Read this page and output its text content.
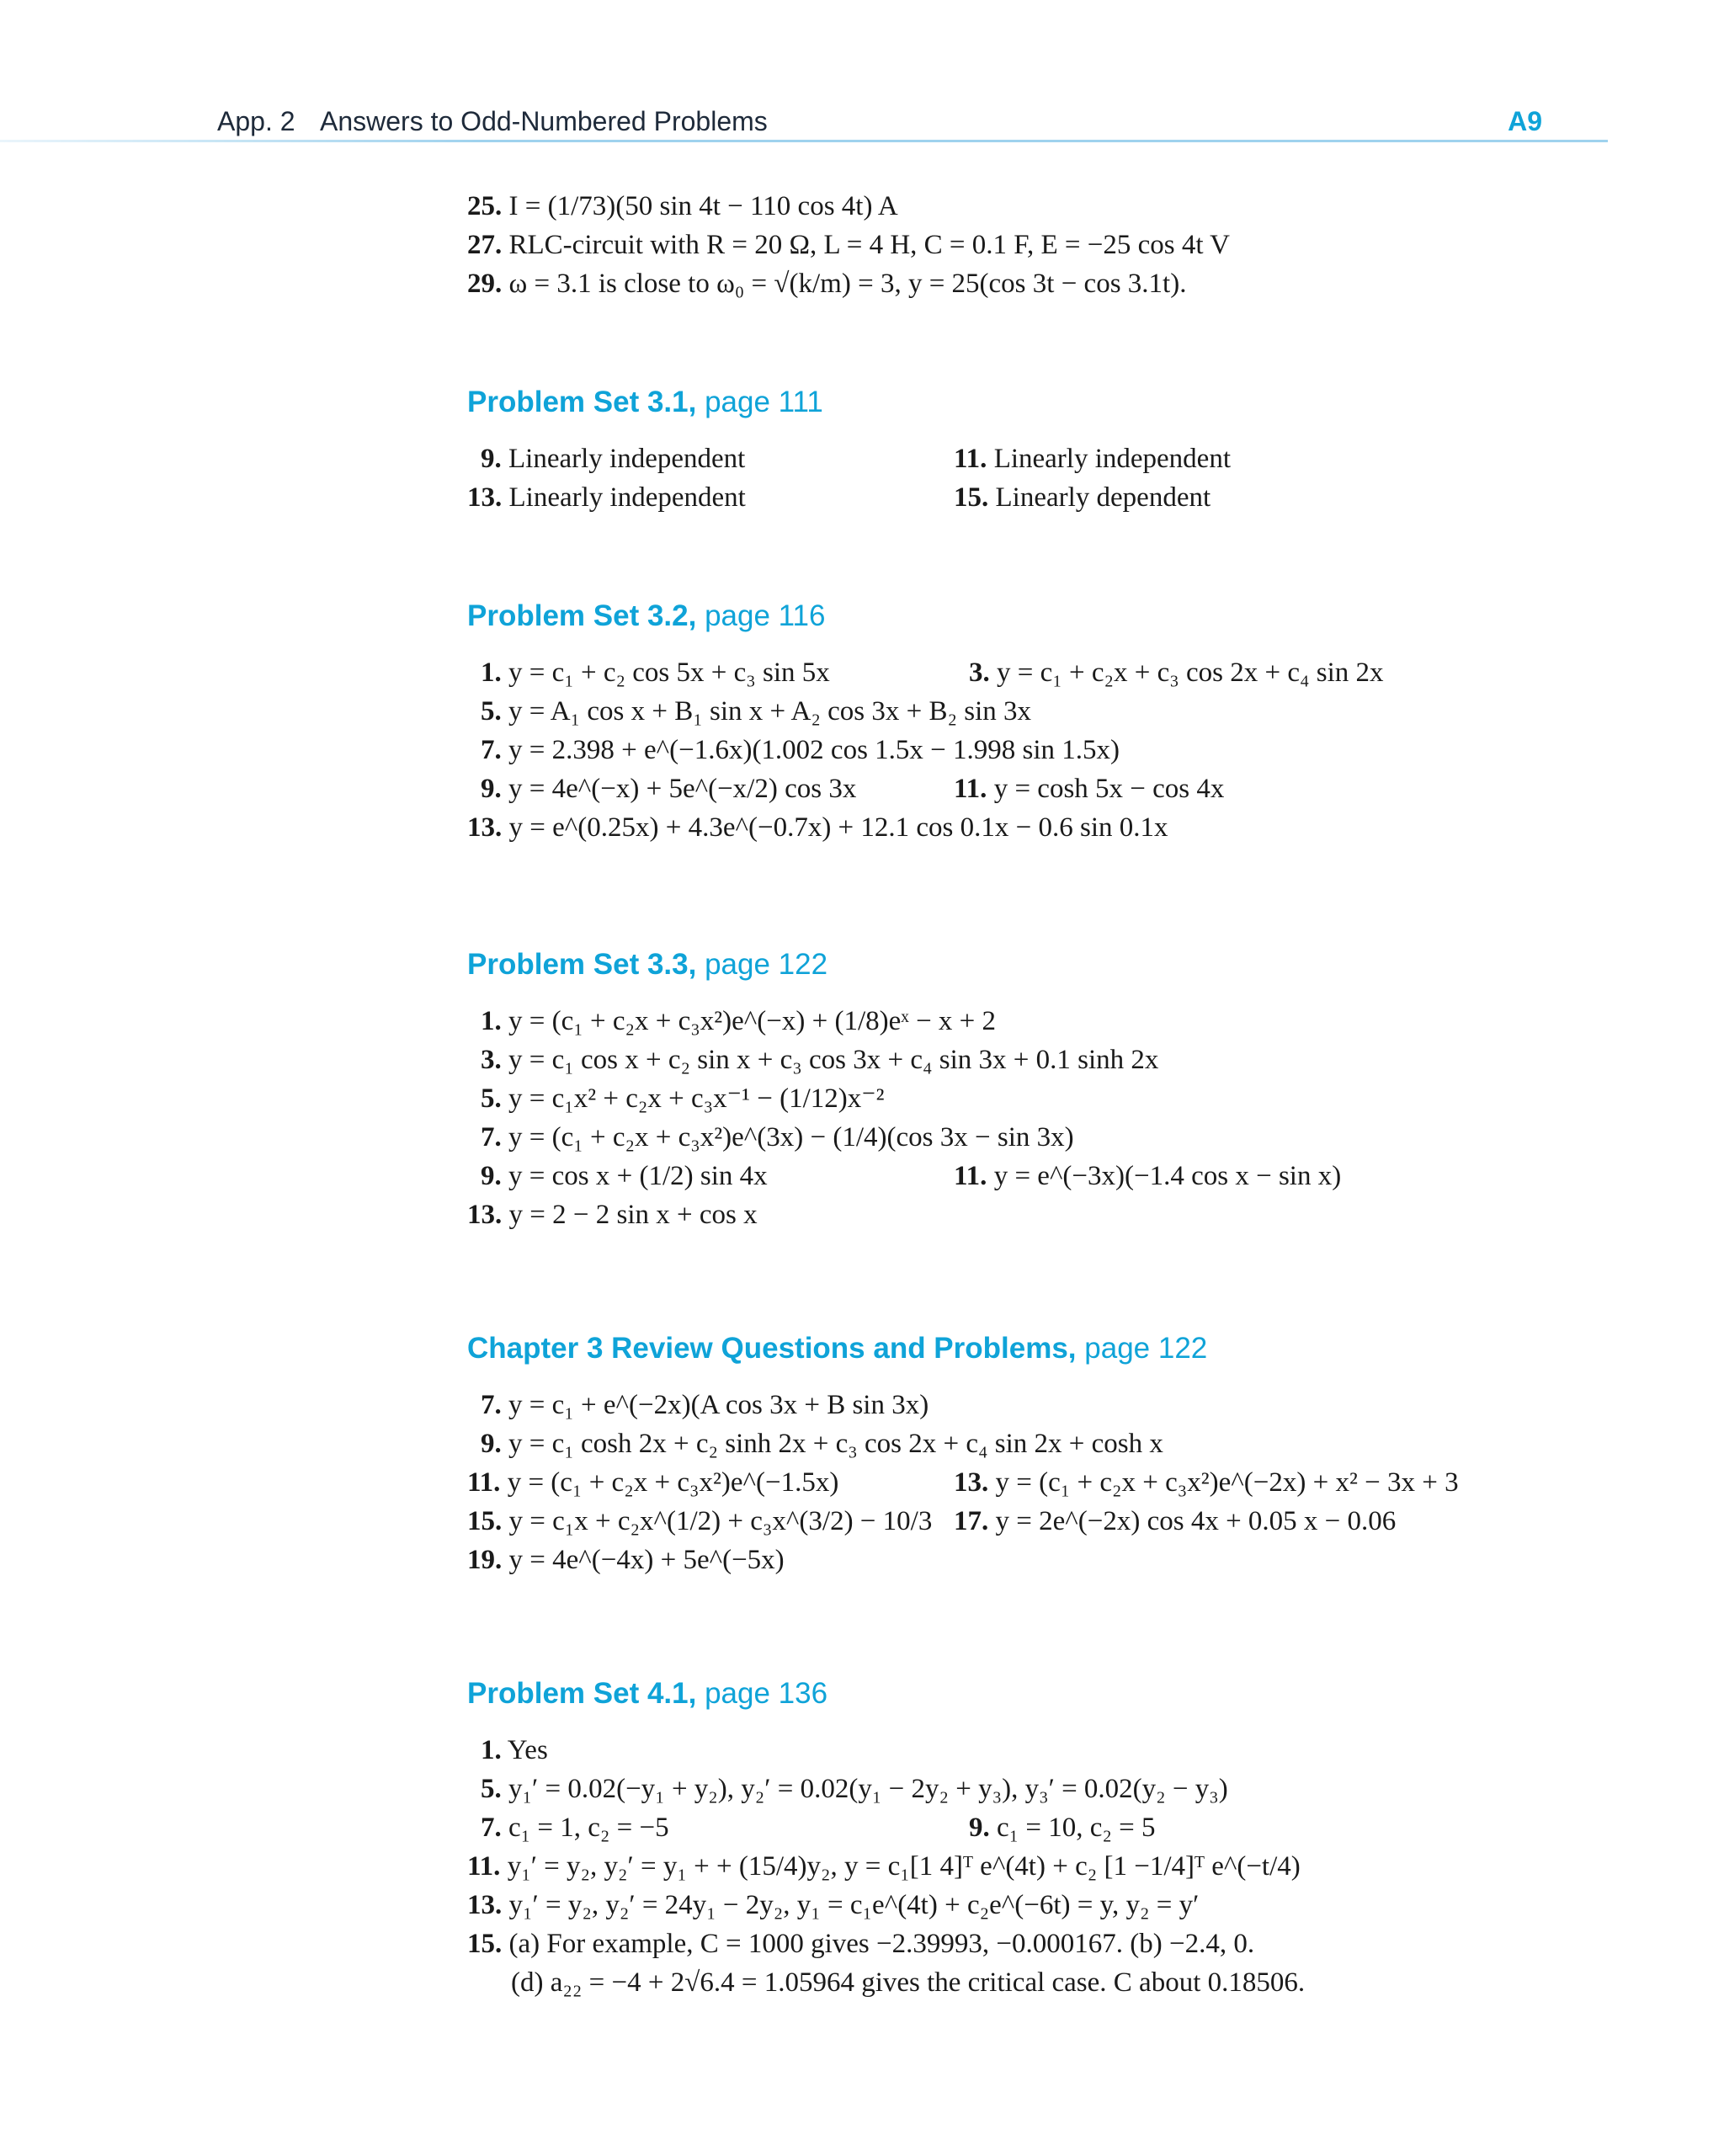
App. 2 Answers to Odd-Numbered Problems	A9
25. I = (1/73)(50 sin 4t − 110 cos 4t) A
27. RLC-circuit with R = 20 Ω, L = 4 H, C = 0.1 F, E = −25 cos 4t V
29. ω = 3.1 is close to ω₀ = √(k/m) = 3, y = 25(cos 3t − cos 3.1t).
Problem Set 3.1, page 111
9. Linearly independent	11. Linearly independent
13. Linearly independent	15. Linearly dependent
Problem Set 3.2, page 116
1. y = c₁ + c₂ cos 5x + c₃ sin 5x	3. y = c₁ + c₂x + c₃ cos 2x + c₄ sin 2x
5. y = A₁ cos x + B₁ sin x + A₂ cos 3x + B₂ sin 3x
7. y = 2.398 + e^(−1.6x)(1.002 cos 1.5x − 1.998 sin 1.5x)
9. y = 4e^(−x) + 5e^(−x/2) cos 3x	11. y = cosh 5x − cos 4x
13. y = e^(0.25x) + 4.3e^(−0.7x) + 12.1 cos 0.1x − 0.6 sin 0.1x
Problem Set 3.3, page 122
1. y = (c₁ + c₂x + c₃x²)e^(−x) + (1/8)eˣ − x + 2
3. y = c₁ cos x + c₂ sin x + c₃ cos 3x + c₄ sin 3x + 0.1 sinh 2x
5. y = c₁x² + c₂x + c₃x⁻¹ − (1/12)x⁻²
7. y = (c₁ + c₂x + c₃x²)e^(3x) − (1/4)(cos 3x − sin 3x)
9. y = cos x + (1/2) sin 4x	11. y = e^(−3x)(−1.4 cos x − sin x)
13. y = 2 − 2 sin x + cos x
Chapter 3 Review Questions and Problems, page 122
7. y = c₁ + e^(−2x)(A cos 3x + B sin 3x)
9. y = c₁ cosh 2x + c₂ sinh 2x + c₃ cos 2x + c₄ sin 2x + cosh x
11. y = (c₁ + c₂x + c₃x²)e^(−1.5x)	13. y = (c₁ + c₂x + c₃x²)e^(−2x) + x² − 3x + 3
15. y = c₁x + c₂x^(1/2) + c₃x^(3/2) − 10/3 17. y = 2e^(−2x) cos 4x + 0.05 x − 0.06
19. y = 4e^(−4x) + 5e^(−5x)
Problem Set 4.1, page 136
1. Yes
5. y₁′ = 0.02(−y₁ + y₂), y₂′ = 0.02(y₁ − 2y₂ + y₃), y₃′ = 0.02(y₂ − y₃)
7. c₁ = 1, c₂ = −5	9. c₁ = 10, c₂ = 5
11. y₁′ = y₂, y₂′ = y₁ + + (15/4)y₂, y = c₁[1 4]ᵀ e^(4t) + c₂ [1 −1/4]ᵀ e^(−t/4)
13. y₁′ = y₂, y₂′ = 24y₁ − 2y₂, y₁ = c₁e^(4t) + c₂e^(−6t) = y, y₂ = y′
15. (a) For example, C = 1000 gives −2.39993, −0.000167. (b) −2.4, 0.
(d) a₂₂ = −4 + 2√6.4 = 1.05964 gives the critical case. C about 0.18506.
